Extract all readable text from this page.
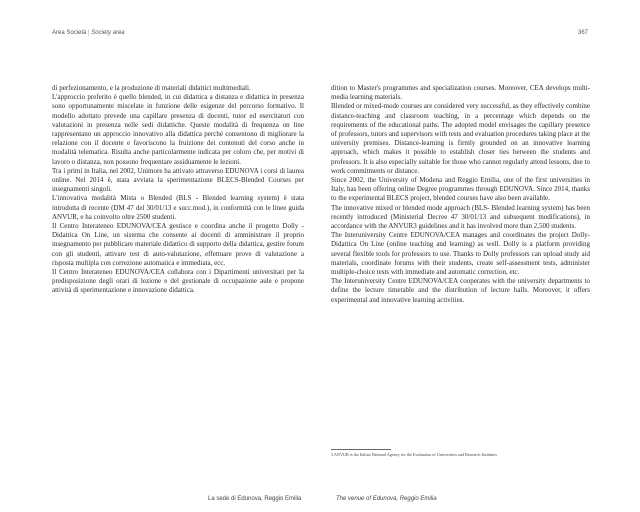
Area Società | Society area	367

di perfezionamento, e la produzione di materiali didattici multimediali.

L'approccio preferito è quello blended, in cui didattica a distanza e didattica in presenza sono opportunamente miscelate in funzione delle esigenze del percorso formativo. Il modello adottato prevede una capillare presenza di docenti, tutor ed esercitatori con valutazioni in presenza nelle sedi didattiche. Queste modalità di frequenza on line rappresentano un approccio innovativo alla didattica perché consentono di migliorare la relazione con il docente e favoriscono la fruizione dei contenuti del corso anche in modalità telematica. Risulta anche particolarmente indicata per coloro che, per motivi di lavoro o distanza, non possono frequentare assiduamente le lezioni.

Tra i primi in Italia, nel 2002, Unimore ha attivato attraverso EDUNOVA i corsi di laurea online. Nel 2014 è, stata avviata la sperimentazione BLECS-Blended Courses per insegnamenti singoli.

L'innovativa modalità Mista o Blended (BLS - Blended learning system) è stata introdotta di recente (DM 47 del 30/01/13 e succ.mod.), in conformità con le linee guida ANVUR, e ha coinvolto oltre 2500 studenti.

Il Centro Interateneo EDUNOVA/CEA gestisce e coordina anche il progetto Dolly - Didattica On Line, un sistema che consente ai docenti di amministrare il proprio insegnamento per pubblicare materiale didattico di supporto della didattica, gestire forum con gli studenti, attivare test di auto-valutazione, effettuare prove di valutazione a risposta multipla con correzione automatica e immediata, ecc.

Il Centro Interateneo EDUNOVA/CEA collabora con i Dipartimenti universitari per la predisposizione degli orari di lezione e del gestionale di occupazione aule e propone attività di sperimentazione e innovazione didattica.

dition to Master's programmes and specialization courses. Moreover, CEA develops multi-media learning materials.

Blended or mixed-mode courses are considered very successful, as they effectively combine distance-teaching and classroom teaching, in a percentage which depends on the requirements of the educational paths. The adopted model envisages the capillary presence of professors, tutors and supervisors with tests and evaluation procedures taking place at the university premises. Distance-learning is firmly grounded on an innovative learning approach, which makes it possible to establish closer ties between the students and professors. It is also especially suitable for those who cannot regularly attend lessons, due to work commitments or distance.

Since 2002, the University of Modena and Reggio Emilia, one of the first universities in Italy, has been offering online Degree programmes through EDUNOVA. Since 2014, thanks to the experimental BLECS project, blended courses have also been available.

The innovative mixed or blended mode approach (BLS- Blended learning system) has been recently introduced (Ministerial Decree 47 30/01/13 and subsequent modifications), in accordance with the ANVUR3 guidelines and it has involved more than 2,500 students.

The Interuniversity Centre EDUNOVA/CEA manages and coordinates the project Dolly-Didattica On Line (online teaching and learning) as well. Dolly is a platform providing several flexible tools for professors to use. Thanks to Dolly professors can upload study aid materials, coordinate forums with their students, create self-assessment tests, administer multiple-choice tests with immediate and automatic correction, etc.

The Interuniversity Centre EDUNOVA/CEA cooperates with the university departments to define the lecture timetable and the distribution of lecture halls. Moreover, it offers experimental and innovative learning activities.

3 ANVUR is the Italian National Agency for the Evaluation of Universities and Research Institutes
La sede di Edunova, Reggio Emilia	The venue of Edunova, Reggio Emilia
